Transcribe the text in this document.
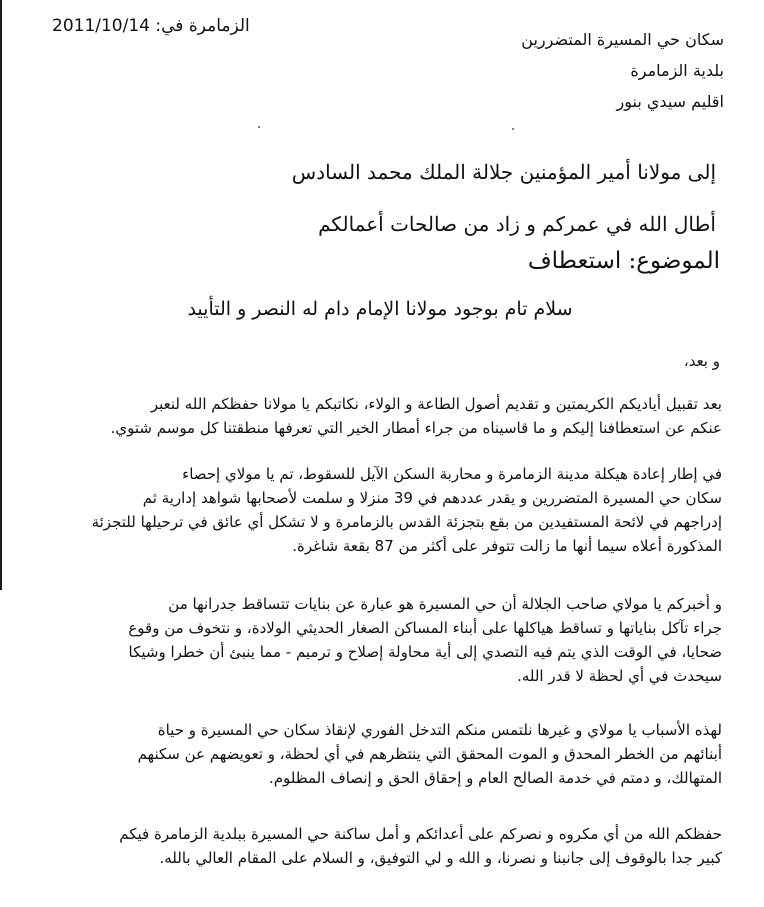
الزمامرة في: 2011/10/14
سكان حي المسيرة المتضررين
بلدية الزمامرة
اقليم سيدي بنور
إلى مولانا أمير المؤمنين جلالة الملك محمد السادس
أطال الله في عمركم و زاد من صالحات أعمالكم
الموضوع: استعطاف
سلام تام بوجود مولانا الإمام دام له النصر و التأييد
و بعد،
بعد تقبيل أياديكم الكريمتين و تقديم أصول الطاعة و الولاء، نكاتبكم يا مولانا حفظكم الله لنعبر
عنكم عن استعطافنا إليكم و ما قاسيناه من جراء أمطار الخير التي تعرفها منطقتنا كل موسم شتوي.
في إطار إعادة هيكلة مدينة الزمامرة و محاربة السكن الآيل للسقوط، تم يا مولاي إحصاء
سكان حي المسيرة المتضررين و يقدر عددهم في 39 منزلا و سلمت لأصحابها شواهد إدارية ثم
إدراجهم في لائحة المستفيدين من بقع بتجزئة القدس بالزمامرة و لا تشكل أي عائق في ترحيلها للتجزئة
المذكورة أعلاه سيما أنها ما زالت تتوفر على أكثر من 87 بقعة شاغرة.
و أخبركم يا مولاي صاحب الجلالة أن حي المسيرة هو عبارة عن بنايات تتساقط جدرانها من
جراء تآكل بناياتها و تساقط هياكلها على أبناء المساكن الصغار الحديثي الولادة، و نتخوف من وقوع
ضحايا، في الوقت الذي يتم فيه التصدي إلى أية محاولة إصلاح و ترميم - مما ينبئ أن خطرا وشيكا
سيحدث في أي لحظة لا قدر الله.
لهذه الأسباب يا مولاي و غيرها نلتمس منكم التدخل الفوري لإنقاذ سكان حي المسيرة و حياة
أبنائهم من الخطر المحدق و الموت المحقق التي ينتظرهم في أي لحظة، و تعويضهم عن سكنهم
المتهالك، و دمتم في خدمة الصالح العام و إحقاق الحق و إنصاف المظلوم.
حفظكم الله من أي مكروه و نصركم على أعدائكم و أمل ساكنة حي المسيرة ببلدية الزمامرة فيكم
كبير جدا بالوقوف إلى جانبنا و نصرنا، و الله و لي التوفيق، و السلام على المقام العالي بالله.
